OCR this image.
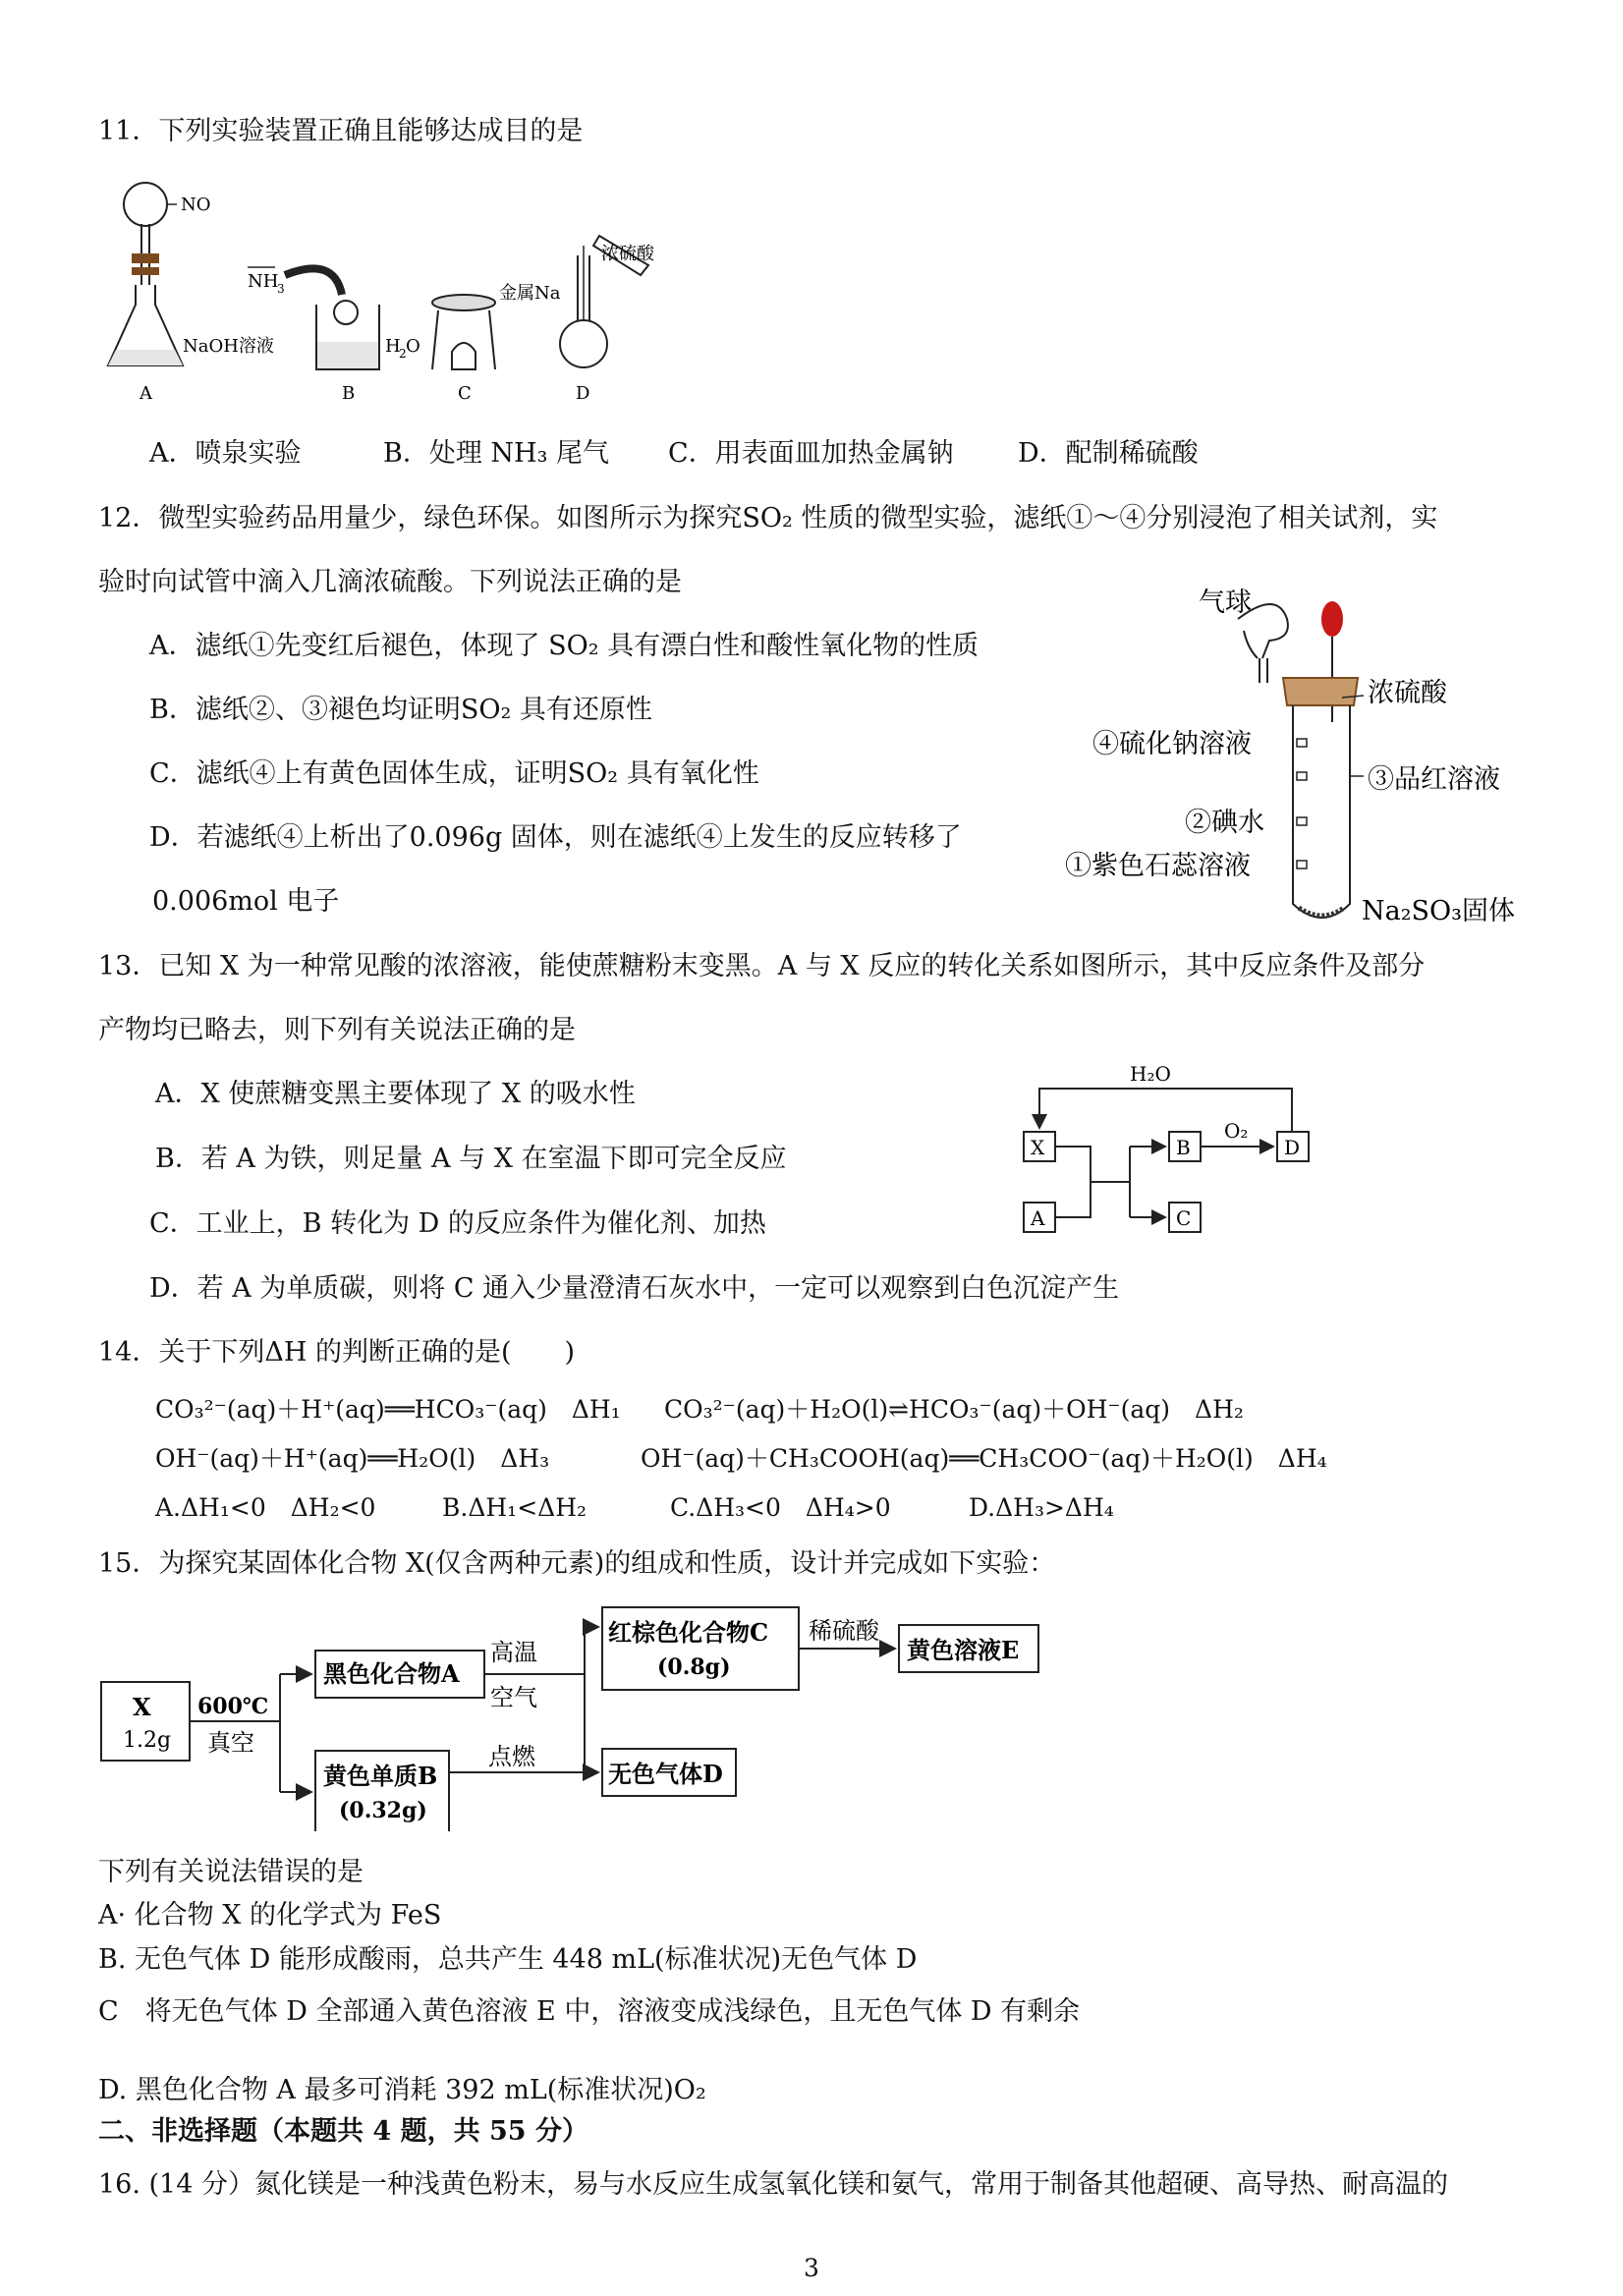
11．下列实验装置正确且能够达成目的是
NO
NaOH溶液
A
NH
3
H
2 O
B
金属Na
C
浓硫酸
D
A．喷泉实验	B．处理 NH₃ 尾气 C．用表面皿加热金属钠 D．配制稀硫酸
12．微型实验药品用量少，绿色环保。如图所示为探究SO₂ 性质的微型实验，滤纸①～④分别浸泡了相关试剂，实
验时向试管中滴入几滴浓硫酸。下列说法正确的是
A．滤纸①先变红后褪色，体现了 SO₂ 具有漂白性和酸性氧化物的性质
B．滤纸②、③褪色均证明SO₂ 具有还原性
C．滤纸④上有黄色固体生成，证明SO₂ 具有氧化性
D．若滤纸④上析出了0.096g 固体，则在滤纸④上发生的反应转移了
0.006mol 电子
气球
浓硫酸
④硫化钠溶液
③品红溶液
②碘水
①紫色石蕊溶液
Na₂SO₃固体
13．已知 X 为一种常见酸的浓溶液，能使蔗糖粉末变黑。A 与 X 反应的转化关系如图所示，其中反应条件及部分
产物均已略去，则下列有关说法正确的是
A．X 使蔗糖变黑主要体现了 X 的吸水性
B．若 A 为铁，则足量 A 与 X 在室温下即可完全反应
C．工业上，B 转化为 D 的反应条件为催化剂、加热
D．若 A 为单质碳，则将 C 通入少量澄清石灰水中，一定可以观察到白色沉淀产生
H₂O
X
A
B
C
O₂
D
14．关于下列ΔH 的判断正确的是(　　)
CO₃²⁻(aq)＋H⁺(aq)══HCO₃⁻(aq)　ΔH₁ CO₃²⁻(aq)＋H₂O(l)⇌HCO₃⁻(aq)＋OH⁻(aq)　ΔH₂
OH⁻(aq)＋H⁺(aq)══H₂O(l)　ΔH₃	OH⁻(aq)＋CH₃COOH(aq)══CH₃COO⁻(aq)＋H₂O(l)　ΔH₄
A.ΔH₁<0　ΔH₂<0	B.ΔH₁<ΔH₂	C.ΔH₃<0　ΔH₄>0	D.ΔH₃>ΔH₄
15．为探究某固体化合物 X(仅含两种元素)的组成和性质，设计并完成如下实验：
X
1.2g
600℃
真空
黑色化合物A
黄色单质B
(0.32g)
高温
空气
点燃
红棕色化合物C
(0.8g)
稀硫酸
黄色溶液E
无色气体D
下列有关说法错误的是
A· 化合物 X 的化学式为 FeS
B. 无色气体 D 能形成酸雨，总共产生 448 mL(标准状况)无色气体 D
C　将无色气体 D 全部通入黄色溶液 E 中，溶液变成浅绿色，且无色气体 D 有剩余
D. 黑色化合物 A 最多可消耗 392 mL(标准状况)O₂
二、非选择题（本题共 4 题，共 55 分）
16. (14 分）氮化镁是一种浅黄色粉末，易与水反应生成氢氧化镁和氨气，常用于制备其他超硬、高导热、耐高温的
3
